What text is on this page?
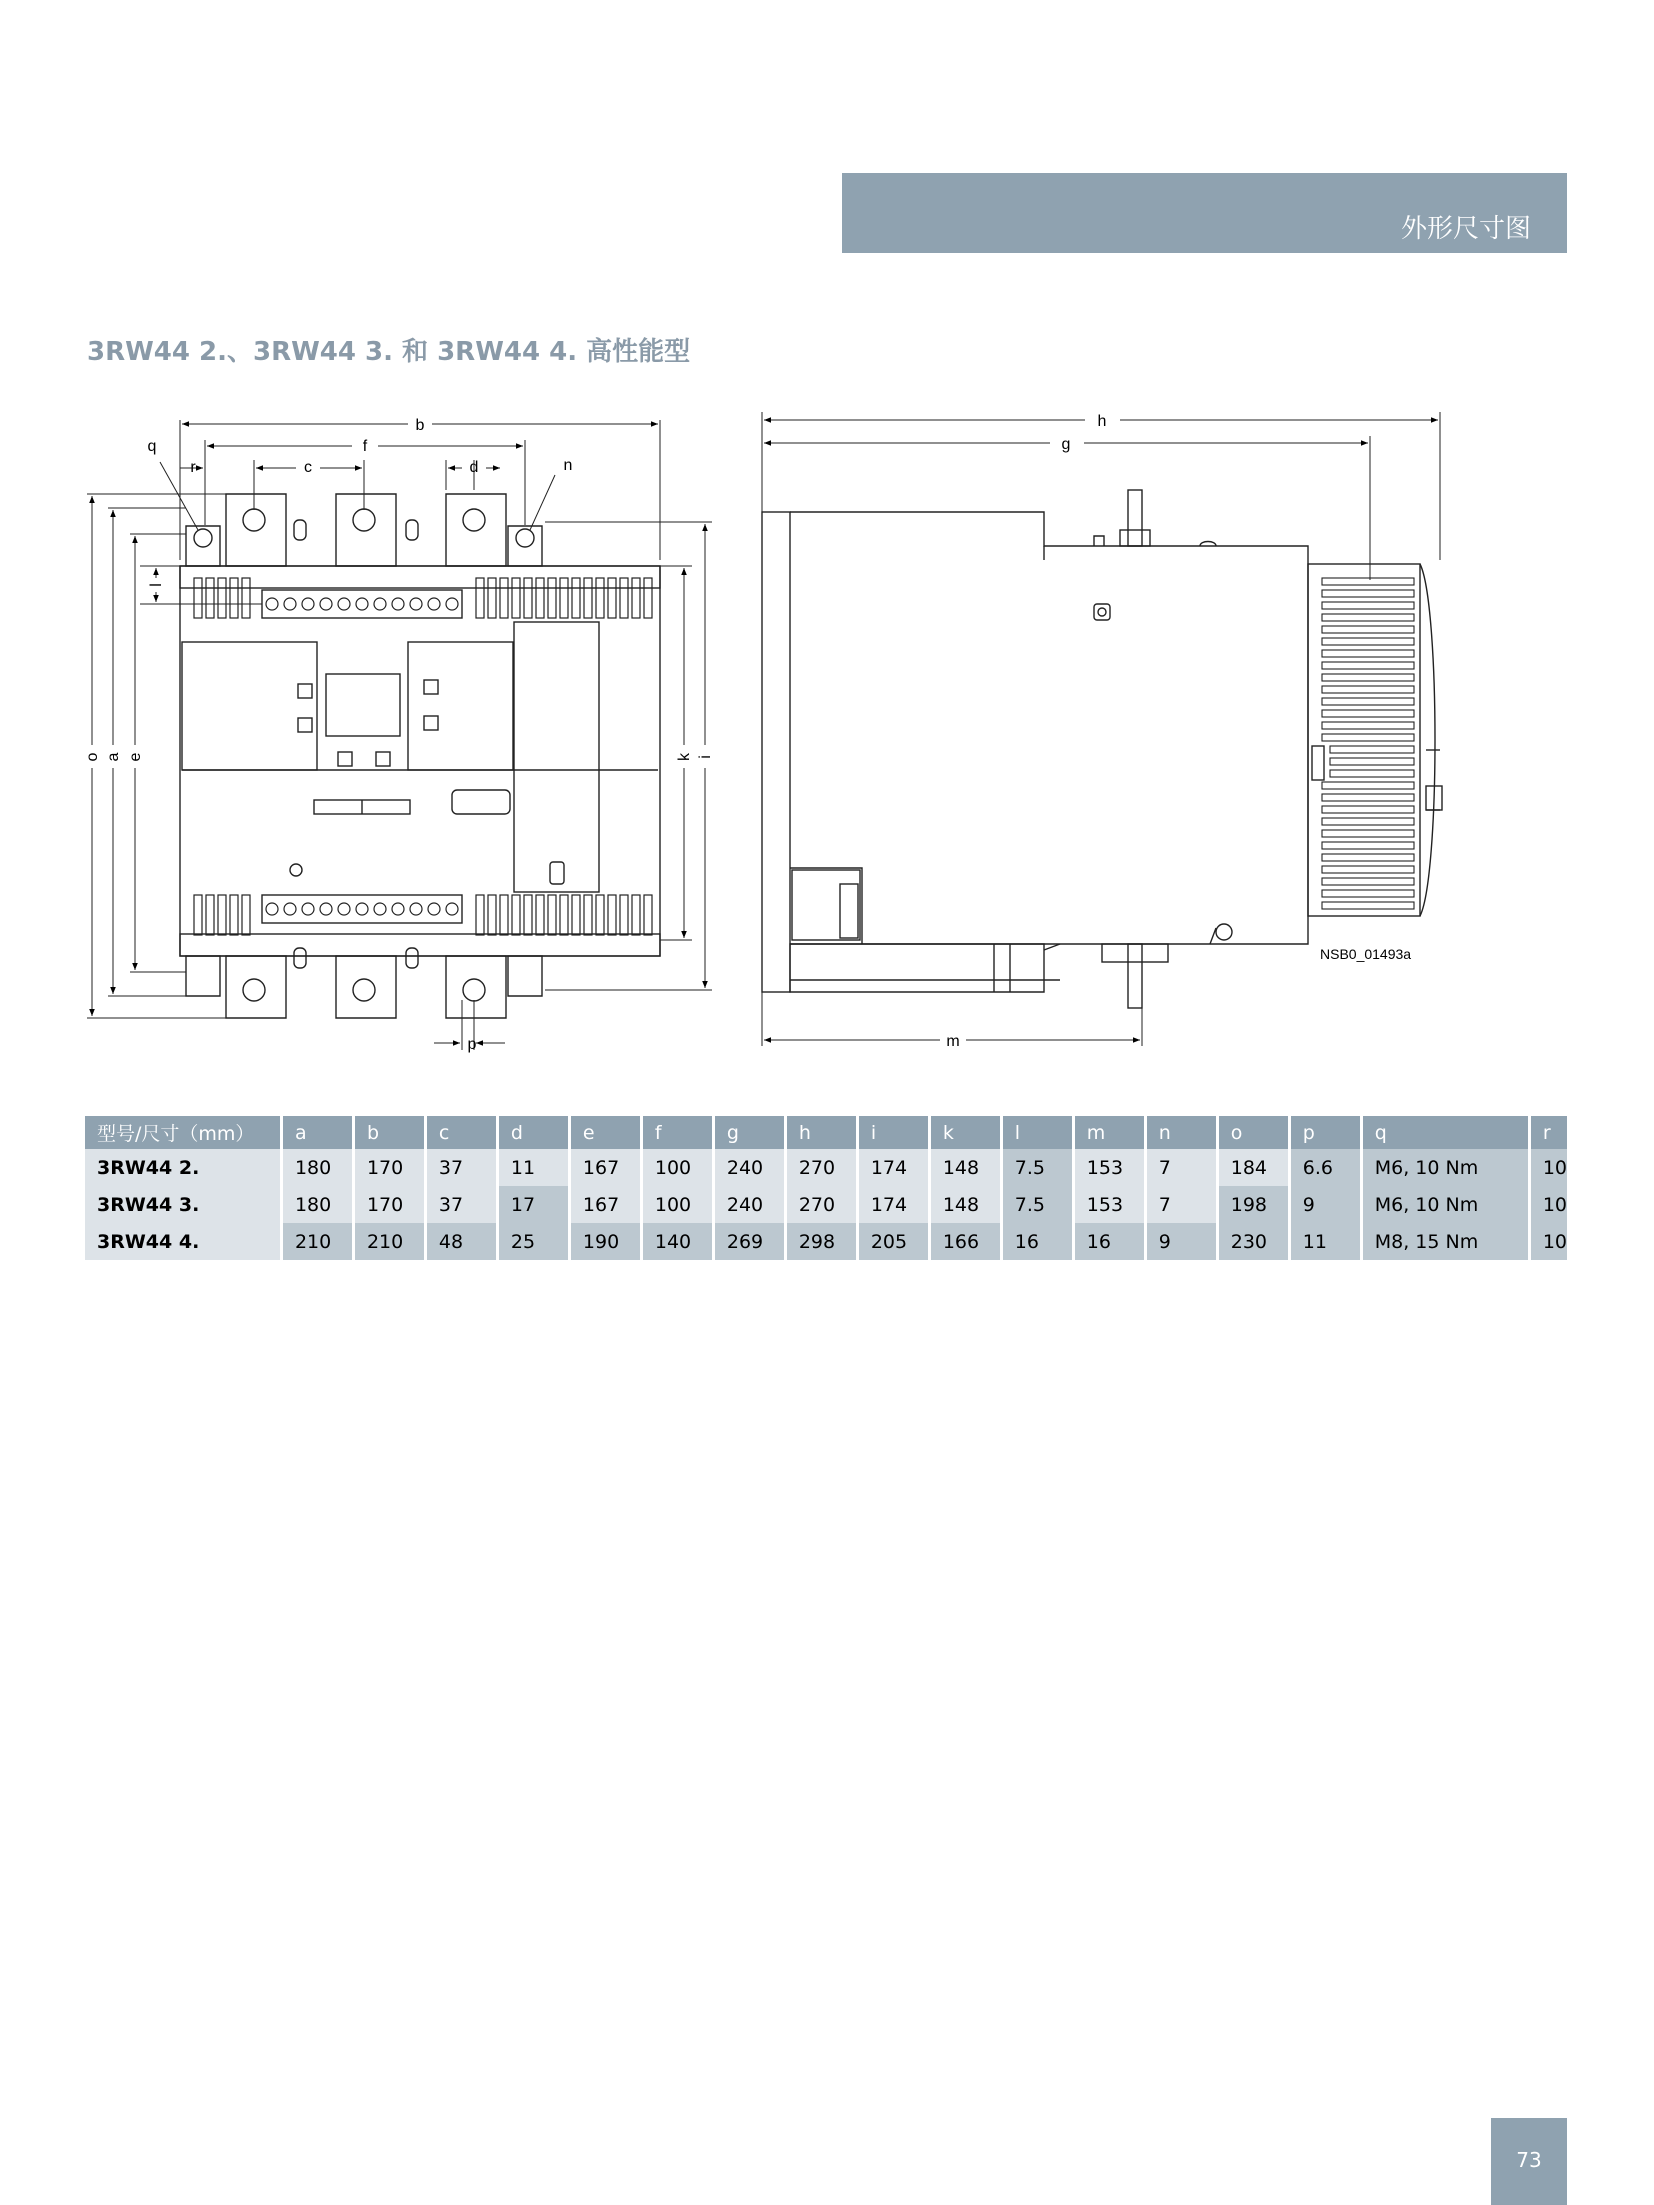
外形尺寸图
3RW44 2.、3RW44 3. 和 3RW44 4. 高性能型
b
f
q
r	c	d	n
l
o a e	k i
p
h
g
m
NSB0_01493a
型号/尺寸（mm）	a	b	c	d	e	f	g	h	i	k	l	m	n	o	p	q	r
3RW44 2.	180	170	37	11	167	100	240	270	174	148	7.5	153	7	184	6.6	M6, 10 Nm	10
3RW44 3.	180	170	37	17	167	100	240	270	174	148	7.5	153	7	198	9	M6, 10 Nm	10
3RW44 4.	210	210	48	25	190	140	269	298	205	166	16	16	9	230	11	M8, 15 Nm	10
73
